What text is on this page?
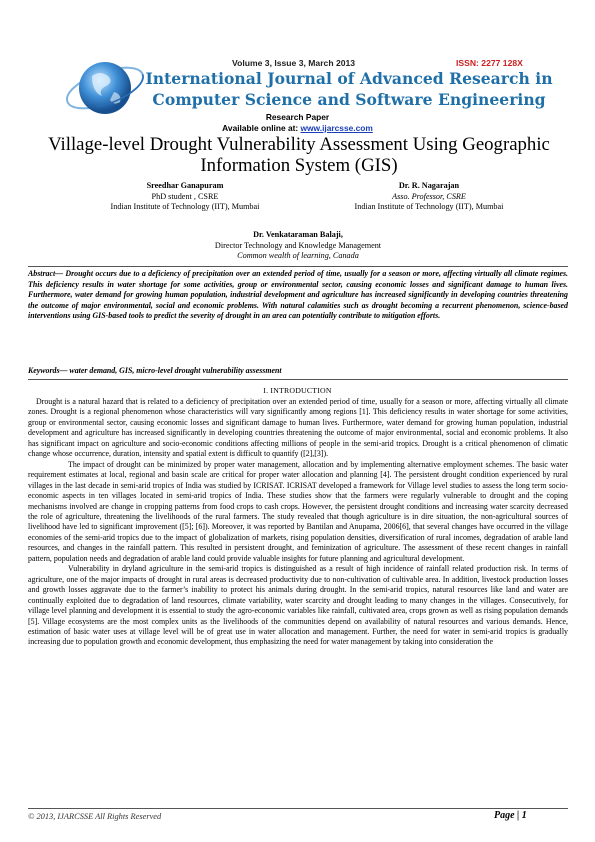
Volume 3, Issue 3, March 2013	ISSN: 2277 128X
International Journal of Advanced Research in Computer Science and Software Engineering
Research Paper
Available online at: www.ijarcsse.com
Village-level Drought Vulnerability Assessment Using Geographic Information System (GIS)
Sreedhar Ganapuram
PhD student , CSRE
Indian Institute of Technology (IIT), Mumbai
Dr. R. Nagarajan
Asso. Professor, CSRE
Indian Institute of Technology (IIT), Mumbai
Dr. Venkataraman Balaji,
Director Technology and Knowledge Management
Common wealth of learning, Canada
Abstract— Drought occurs due to a deficiency of precipitation over an extended period of time, usually for a season or more, affecting virtually all climate regimes. This deficiency results in water shortage for some activities, group or environmental sector, causing economic losses and significant damage to human lives. Furthermore, water demand for growing human population, industrial development and agriculture has increased significantly in developing countries threatening the outcome of major environmental, social and economic problems. With natural calamities such as drought becoming a recurrent phenomenon, science-based interventions using GIS-based tools to predict the severity of drought in an area can potentially contribute to mitigation efforts.
Keywords— water demand, GIS, micro-level drought vulnerability assessment
I. INTRODUCTION

Drought is a natural hazard that is related to a deficiency of precipitation over an extended period of time, usually for a season or more, affecting virtually all climate zones. Drought is a regional phenomenon whose characteristics will vary significantly among regions [1]. This deficiency results in water shortage for some activities, group or environmental sector, causing economic losses and significant damage to human lives. Furthermore, water demand for growing human population, industrial development and agriculture has increased significantly in developing countries threatening the outcome of major environmental, social and economic problems. It also has significant impact on agriculture and socio-economic conditions affecting millions of people in the semi-arid tropics. Drought is a critical phenomenon of climatic change whose occurrence, duration, intensity and spatial extent is difficult to quantify ([2],[3]).

The impact of drought can be minimized by proper water management, allocation and by implementing alternative employment schemes. The basic water requirement estimates at local, regional and basin scale are critical for proper water allocation and planning [4]. The persistent drought condition experienced by rural villages in the last decade in semi-arid tropics of India was studied by ICRISAT. ICRISAT developed a framework for Village level studies to assess the long term socio-economic aspects in ten villages located in semi-arid tropics of India. These studies show that the farmers were regularly vulnerable to drought and the coping mechanisms involved are change in cropping patterns from food crops to cash crops. However, the persistent drought conditions and increasing water scarcity decreased the role of agriculture, threatening the livelihoods of the rural farmers. The study revealed that though agriculture is in dire situation, the non-agricultural sources of livelihood have led to significant improvement ([5]; [6]). Moreover, it was reported by Bantilan and Anupama, 2006[6], that several changes have occurred in the village economies of the semi-arid tropics due to the impact of globalization of markets, rising population densities, diversification of rural incomes, degradation of arable land resources, and changes in the rainfall pattern. This resulted in persistent drought, and feminization of agriculture. The assessment of these recent changes in rainfall pattern, population needs and degradation of arable land could provide valuable insights for future planning and agricultural development.

Vulnerability in dryland agriculture in the semi-arid tropics is distinguished as a result of high incidence of rainfall related production risk. In terms of agriculture, one of the major impacts of drought in rural areas is decreased productivity due to non-cultivation of cultivable area. In addition, livestock production losses and growth losses aggravate due to the farmer’s inability to protect his animals during drought. In the semi-arid tropics, natural resources like land and water are continually exploited due to degradation of land resources, climate variability, water scarcity and drought leading to many changes in the villages. Consecutively, for village level planning and development it is essential to study the agro-economic variables like rainfall, cultivated area, crops grown as well as rising population demands [5]. Village ecosystems are the most complex units as the livelihoods of the communities depend on availability of natural resources and various demands. Hence, estimation of basic water uses at village level will be of great use in water allocation and management. Further, the need for water in semi-arid tropics is gradually increasing due to population growth and economic development, thus emphasizing the need for water management by taking into consideration the

© 2013, IJARCSSE All Rights Reserved	Page | 1
